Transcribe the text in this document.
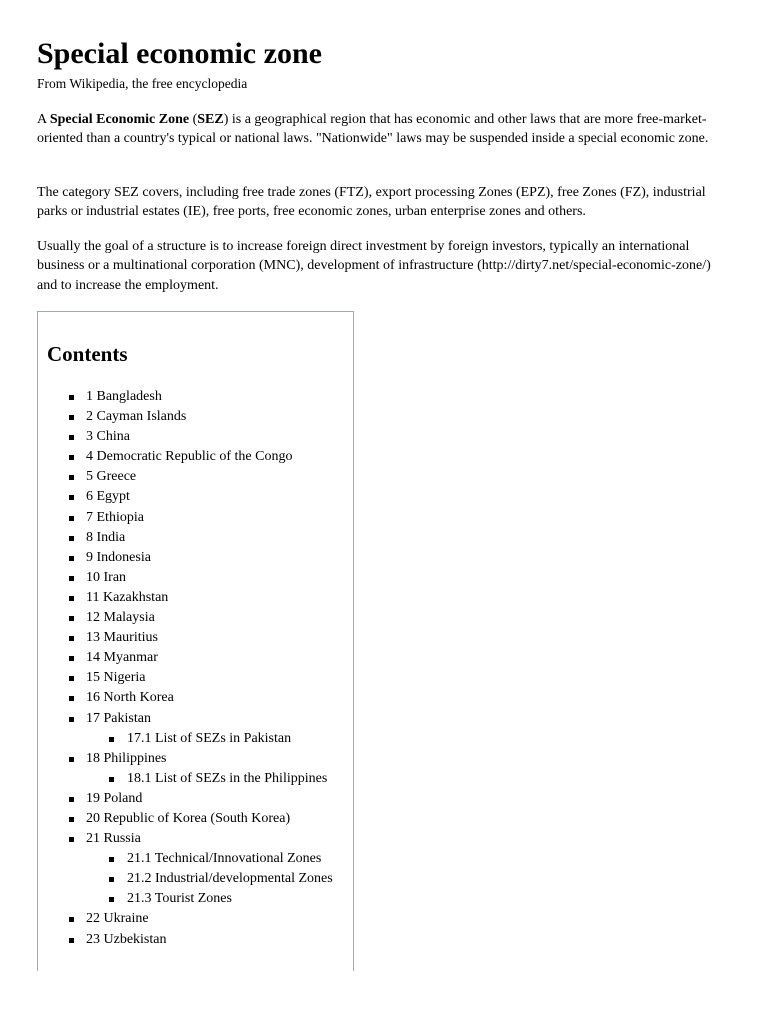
Special economic zone
From Wikipedia, the free encyclopedia

A Special Economic Zone (SEZ) is a geographical region that has economic and other laws that are more free-market-oriented than a country's typical or national laws. "Nationwide" laws may be suspended inside a special economic zone.

The category SEZ covers, including free trade zones (FTZ), export processing Zones (EPZ), free Zones (FZ), industrial parks or industrial estates (IE), free ports, free economic zones, urban enterprise zones and others.

Usually the goal of a structure is to increase foreign direct investment by foreign investors, typically an international business or a multinational corporation (MNC), development of infrastructure (http://dirty7.net/special-economic-zone/) and to increase the employment.

Contents
1 Bangladesh
2 Cayman Islands
3 China
4 Democratic Republic of the Congo
5 Greece
6 Egypt
7 Ethiopia
8 India
9 Indonesia
10 Iran
11 Kazakhstan
12 Malaysia
13 Mauritius
14 Myanmar
15 Nigeria
16 North Korea
17 Pakistan
17.1 List of SEZs in Pakistan
18 Philippines
18.1 List of SEZs in the Philippines
19 Poland
20 Republic of Korea (South Korea)
21 Russia
21.1 Technical/Innovational Zones
21.2 Industrial/developmental Zones
21.3 Tourist Zones
22 Ukraine
23 Uzbekistan
